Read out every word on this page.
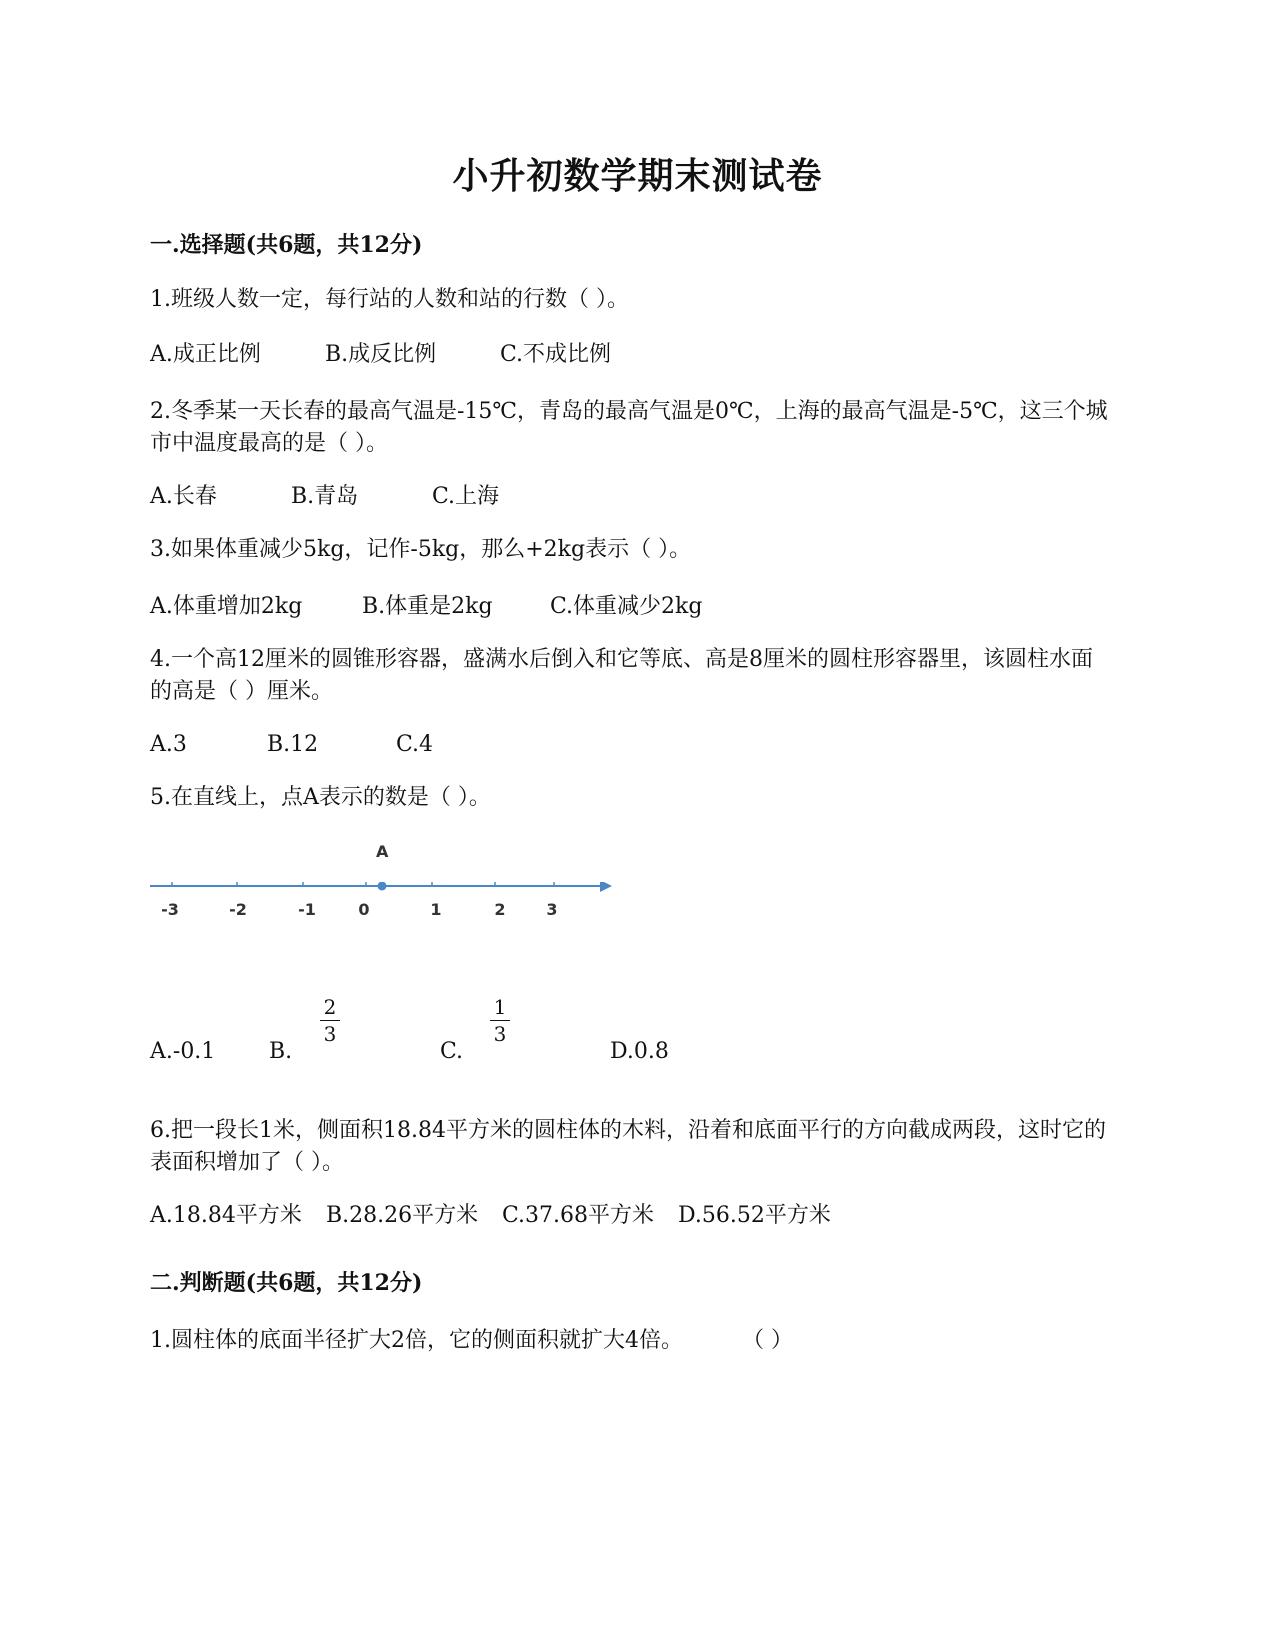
小升初数学期末测试卷
一.选择题(共6题，共12分)

1.班级人数一定，每行站的人数和站的行数（ ）。

A.成正比例	B.成反比例	C.不成比例

2.冬季某一天长春的最高气温是-15℃，青岛的最高气温是0℃，上海的最高气温是-5℃，这三个城市中温度最高的是（ ）。

A.长春	B.青岛	C.上海

3.如果体重减少5kg，记作-5kg，那么+2kg表示（ ）。

A.体重增加2kg	B.体重是2kg	C.体重减少2kg

4.一个高12厘米的圆锥形容器，盛满水后倒入和它等底、高是8厘米的圆柱形容器里，该圆柱水面的高是（ ）厘米。

A.3	B.12	C.4

5.在直线上，点A表示的数是（ ）。

A
-3	-2	-1	0	1	2	3
2
3
1
3
A.-0.1 B.	C.	D.0.8

6.把一段长1米，侧面积18.84平方米的圆柱体的木料，沿着和底面平行的方向截成两段，这时它的表面积增加了（ ）。

A.18.84平方米 B.28.26平方米 C.37.68平方米 D.56.52平方米
二.判断题(共6题，共12分)
1.圆柱体的底面半径扩大2倍，它的侧面积就扩大4倍。	（ ）
